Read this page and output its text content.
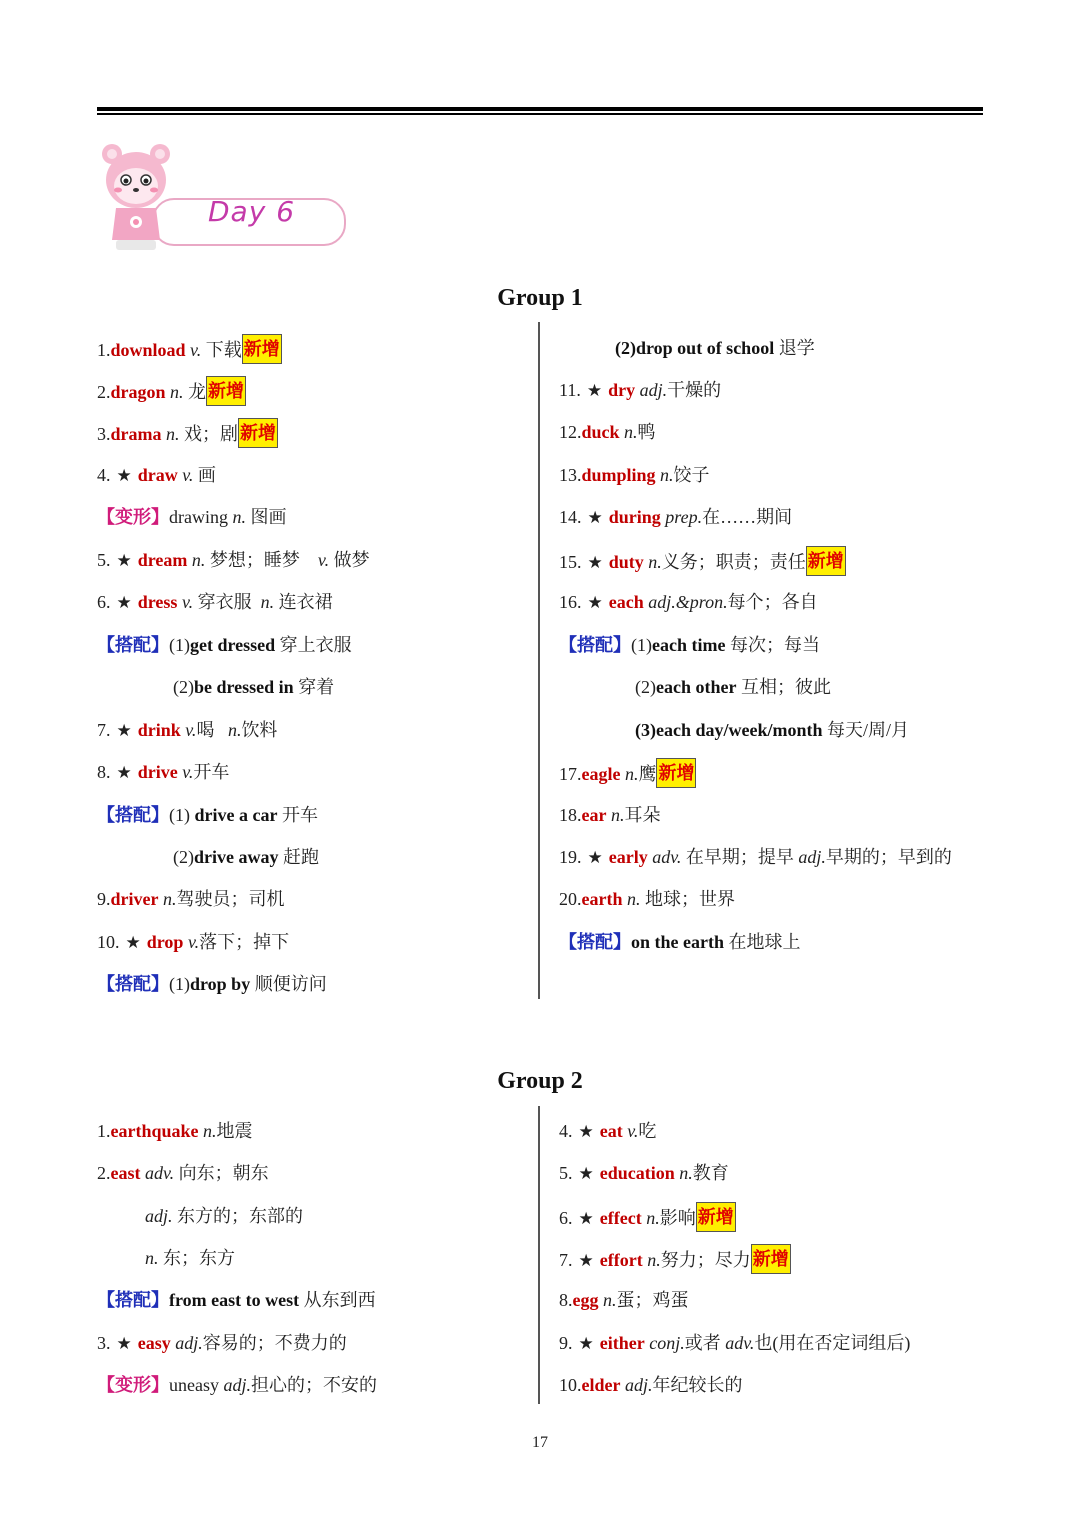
Day 6
Group 1
1.download v. 下载 新增
2.dragon n. 龙 新增
3.drama n. 戏；剧 新增
4. ★ draw v. 画
【变形】drawing n. 图画
5. ★ dream n. 梦想；睡梦 v. 做梦
6. ★ dress v. 穿衣服 n. 连衣裙
【搭配】(1)get dressed 穿上衣服
(2)be dressed in 穿着
7. ★ drink v.喝 n.饮料
8. ★ drive v.开车
【搭配】(1) drive a car 开车
(2)drive away 赶跑
9.driver n.驾驶员；司机
10. ★ drop v.落下；掉下
【搭配】(1)drop by 顺便访问
(2)drop out of school 退学
11. ★ dry adj.干燥的
12.duck n.鸭
13.dumpling n.饺子
14. ★ during prep.在……期间
15. ★ duty n.义务；职责；责任 新增
16. ★ each adj.&pron.每个；各自
【搭配】(1)each time 每次；每当
(2)each other 互相；彼此
(3)each day/week/month 每天/周/月
17.eagle n.鹰 新增
18.ear n.耳朵
19. ★ early adv. 在早期；提早 adj.早期的；早到的
20.earth n. 地球；世界
【搭配】on the earth 在地球上
Group 2
1.earthquake n.地震
2.east adv. 向东；朝东
adj. 东方的；东部的
n. 东；东方
【搭配】from east to west 从东到西
3. ★ easy adj.容易的；不费力的
【变形】uneasy adj.担心的；不安的
4. ★ eat v.吃
5. ★ education n.教育
6. ★ effect n.影响 新增
7. ★ effort n.努力；尽力 新增
8.egg n.蛋；鸡蛋
9. ★ either conj.或者 adv.也(用在否定词组后)
10.elder adj.年纪较长的
17
